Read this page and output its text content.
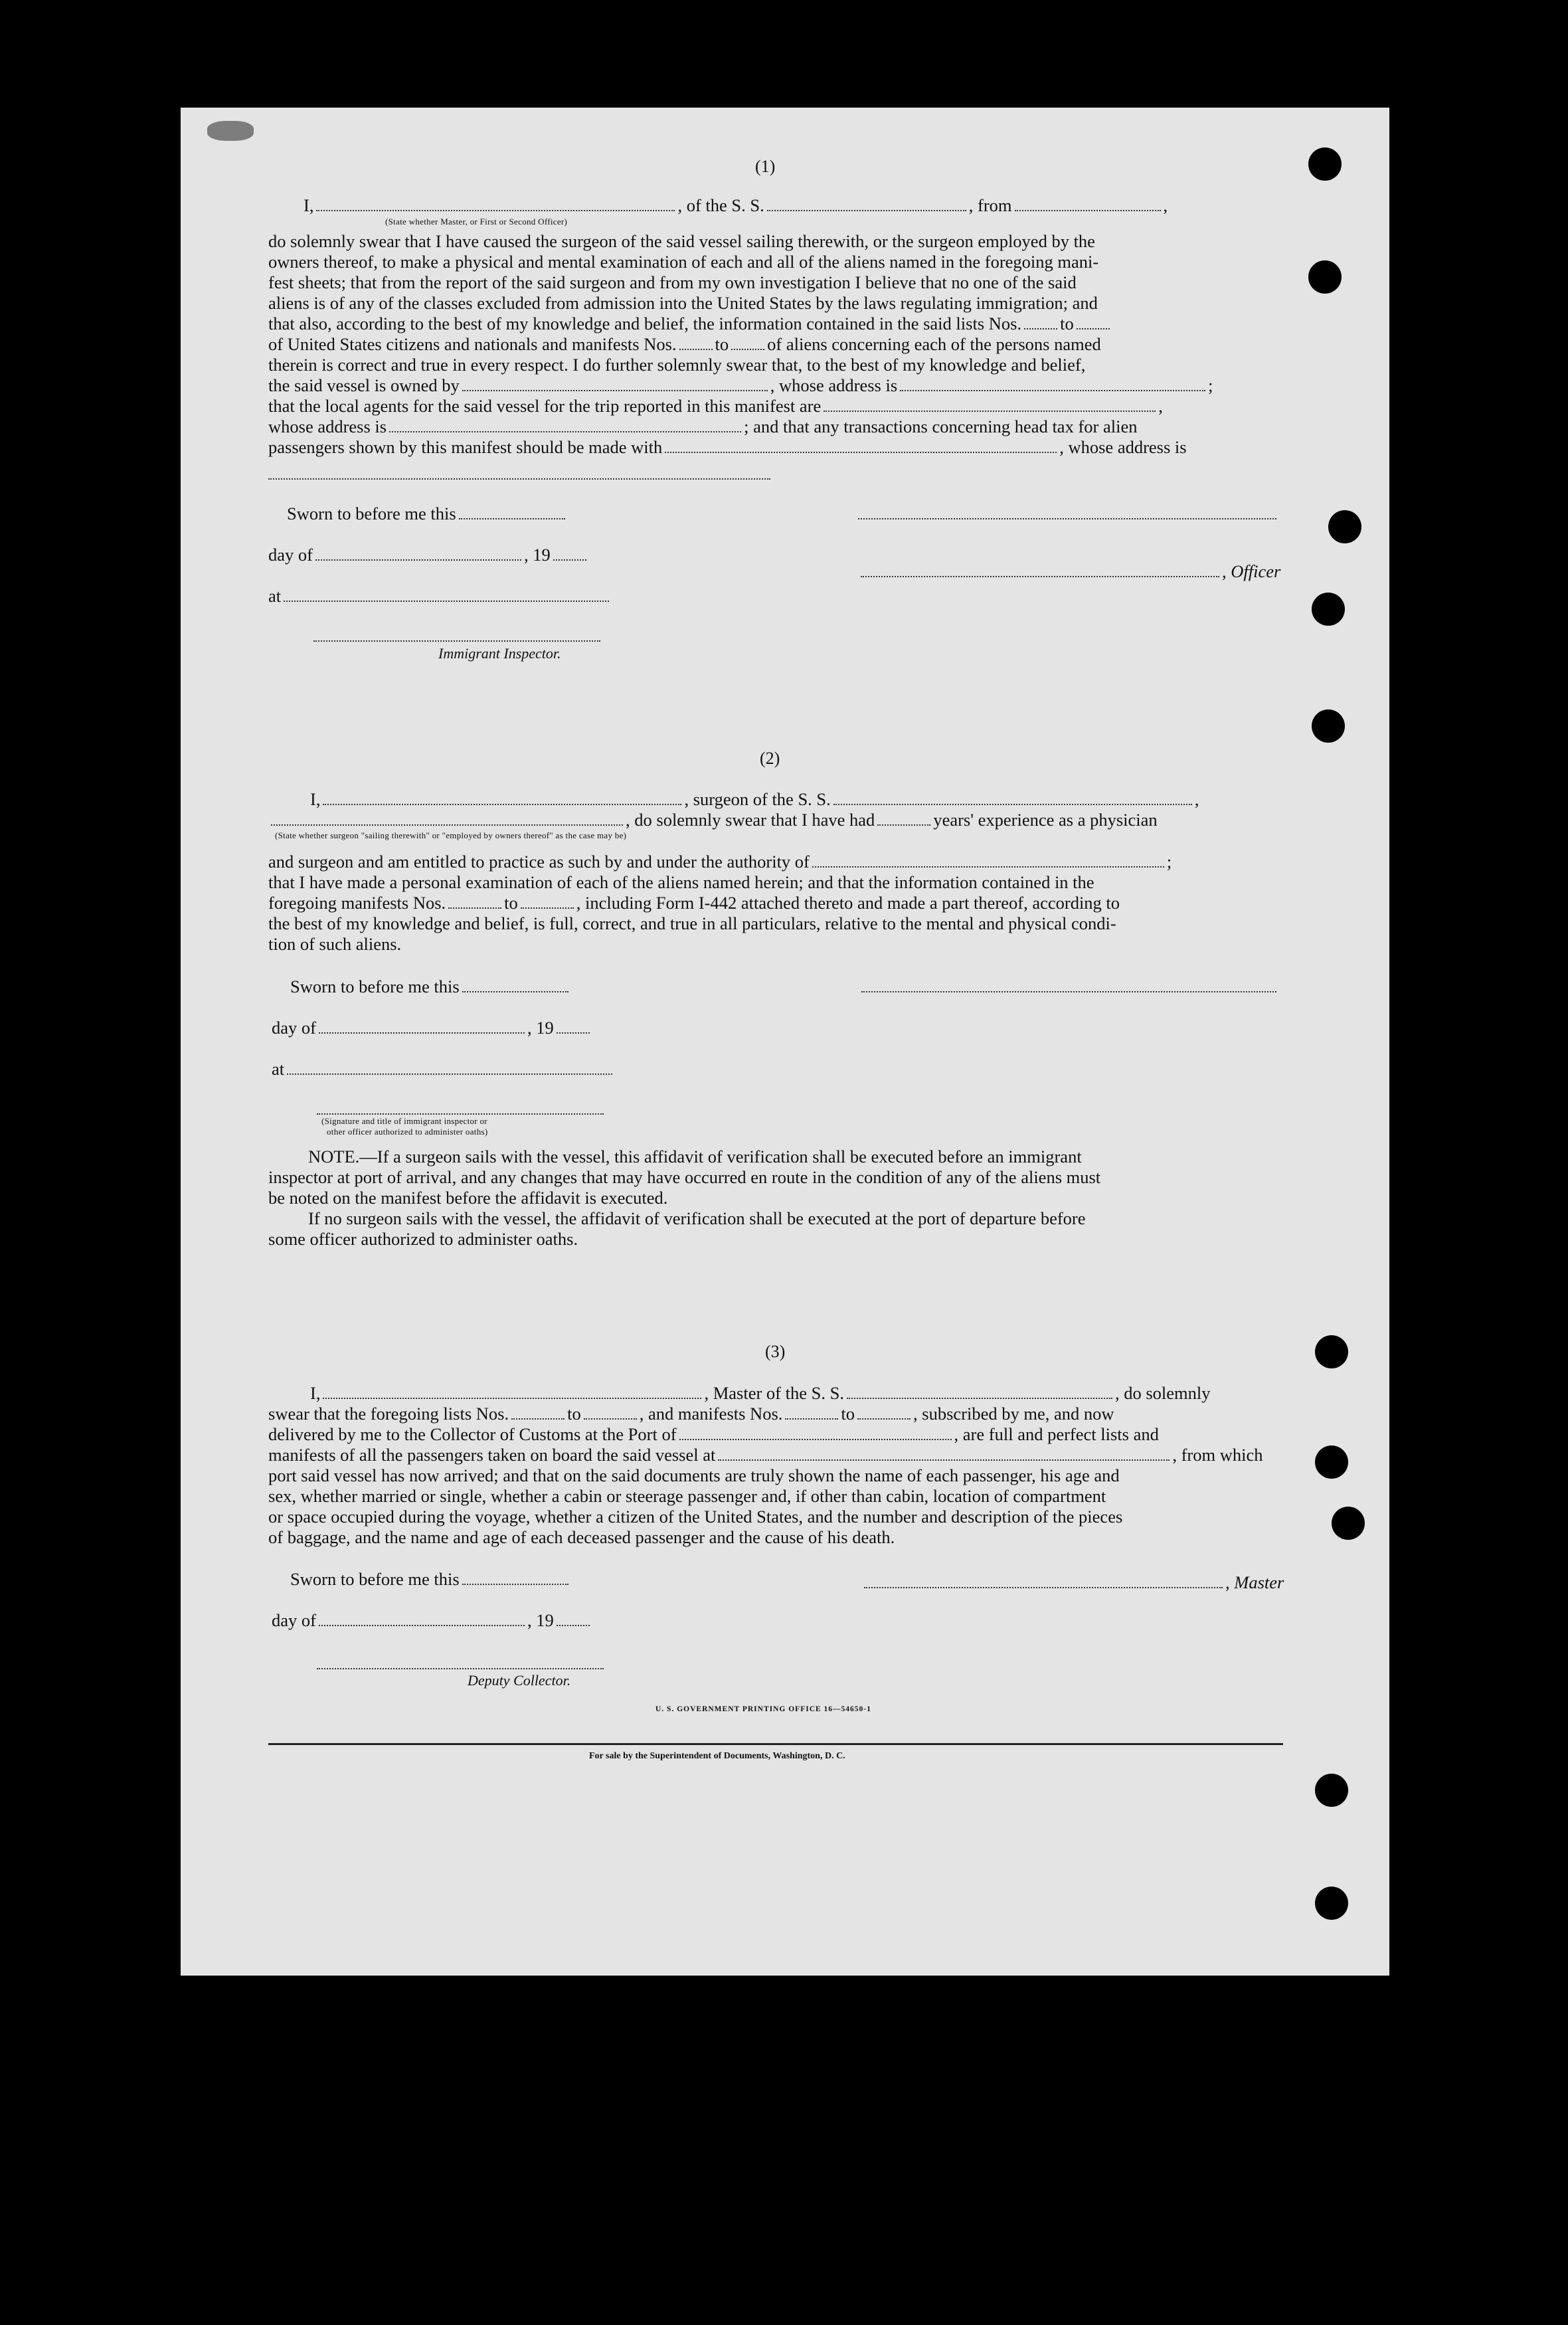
(1)
I,	, of the S. S.	, from	,
(State whether Master, or First or Second Officer)
do solemnly swear that I have caused the surgeon of the said vessel sailing therewith, or the surgeon employed by the
owners thereof, to make a physical and mental examination of each and all of the aliens named in the foregoing mani-
fest sheets; that from the report of the said surgeon and from my own investigation I believe that no one of the said
aliens is of any of the classes excluded from admission into the United States by the laws regulating immigration; and
that also, according to the best of my knowledge and belief, the information contained in the said lists Nos. to
of United States citizens and nationals and manifests Nos. to of aliens concerning each of the persons named
therein is correct and true in every respect. I do further solemnly swear that, to the best of my knowledge and belief,
the said vessel is owned by	, whose address is	;
that the local agents for the said vessel for the trip reported in this manifest are	,
whose address is	; and that any transactions concerning head tax for alien
passengers shown by this manifest should be made with	, whose address is
Sworn to before me this
day of	, 19
at
Immigrant Inspector.
, Officer
(2)
I,	, surgeon of the S. S.	,
, do solemnly swear that I have had	years' experience as a physician
(State whether surgeon "sailing therewith" or "employed by owners thereof" as the case may be)
and surgeon and am entitled to practice as such by and under the authority of	;
that I have made a personal examination of each of the aliens named herein; and that the information contained in the
foregoing manifests Nos.	to	, including Form I-442 attached thereto and made a part thereof, according to
the best of my knowledge and belief, is full, correct, and true in all particulars, relative to the mental and physical condi-
tion of such aliens.
Sworn to before me this
day of	, 19
at
(Signature and title of immigrant inspector or
other officer authorized to administer oaths)
NOTE.—If a surgeon sails with the vessel, this affidavit of verification shall be executed before an immigrant
inspector at port of arrival, and any changes that may have occurred en route in the condition of any of the aliens must
be noted on the manifest before the affidavit is executed.
If no surgeon sails with the vessel, the affidavit of verification shall be executed at the port of departure before
some officer authorized to administer oaths.
(3)
I,	, Master of the S. S.	, do solemnly
swear that the foregoing lists Nos.	to	, and manifests Nos.	to	, subscribed by me, and now
delivered by me to the Collector of Customs at the Port of	, are full and perfect lists and
manifests of all the passengers taken on board the said vessel at	, from which
port said vessel has now arrived; and that on the said documents are truly shown the name of each passenger, his age and
sex, whether married or single, whether a cabin or steerage passenger and, if other than cabin, location of compartment
or space occupied during the voyage, whether a citizen of the United States, and the number and description of the pieces
of baggage, and the name and age of each deceased passenger and the cause of his death.
Sworn to before me this	, Master
day of	, 19
Deputy Collector.
U. S. GOVERNMENT PRINTING OFFICE 16—54650-1
For sale by the Superintendent of Documents, Washington, D. C.
